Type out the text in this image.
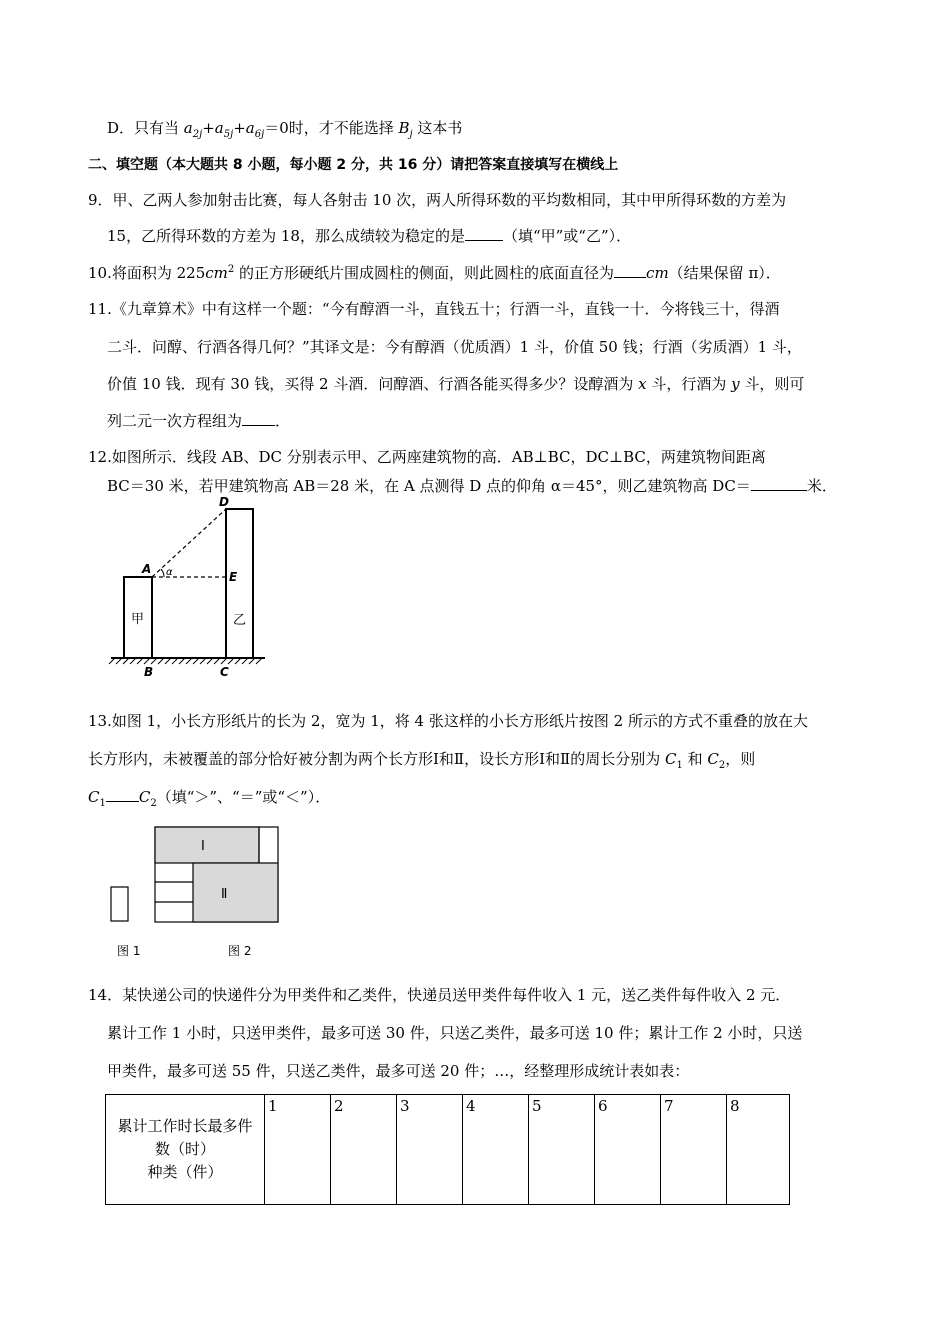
D．只有当 $a_{2j}+a_{5j}+a_{6j}=0$时，才不能选择 $B_j$ 这本书
二、填空题（本大题共 8 小题，每小题 2 分，共 16 分）请把答案直接填写在横线上
9．甲、乙两人参加射击比赛，每人各射击 10 次，两人所得环数的平均数相同，其中甲所得环数的方差为
15，乙所得环数的方差为 18，那么成绩较为稳定的是	（填“甲”或“乙”）．
10.将面积为 $225cm^2$ 的正方形硬纸片围成圆柱的侧面，则此圆柱的底面直径为 cm（结果保留 π）．
11.《九章算术》中有这样一个题：“今有醇酒一斗，直钱五十；行酒一斗，直钱一十．今将钱三十，得酒
二斗．问醇、行酒各得几何？”其译文是：今有醇酒（优质酒）1 斗，价值 50 钱；行酒（劣质酒）1 斗，
价值 10 钱．现有 30 钱，买得 2 斗酒．问醇酒、行酒各能买得多少？设醇酒为 x 斗，行酒为 y 斗，则可
列二元一次方程组为 ．
12.如图所示．线段 AB、DC 分别表示甲、乙两座建筑物的高．AB⊥BC，DC⊥BC，两建筑物间距离
BC＝30 米，若甲建筑物高 AB＝28 米，在 A 点测得 D 点的仰角 α＝45°，则乙建筑物高 DC＝	米．
D
A α	E
甲	乙
B	C
13.如图 1，小长方形纸片的长为 2，宽为 1，将 4 张这样的小长方形纸片按图 2 所示的方式不重叠的放在大
长方形内，未被覆盖的部分恰好被分割为两个长方形Ⅰ和Ⅱ，设长方形Ⅰ和Ⅱ的周长分别为 $C_1$ 和 $C_2$，则
$C_1$ $C_2$（填“＞”、“＝”或“＜”）．
Ⅰ
Ⅱ
图 1	图 2
14．某快递公司的快递件分为甲类件和乙类件，快递员送甲类件每件收入 1 元，送乙类件每件收入 2 元．
累计工作 1 小时，只送甲类件，最多可送 30 件，只送乙类件，最多可送 10 件；累计工作 2 小时，只送
甲类件，最多可送 55 件，只送乙类件，最多可送 20 件；…，经整理形成统计表如表：
累计工作时长最多件
数（时）
种类（件）
	1	2	3	4	5	6	7	8
